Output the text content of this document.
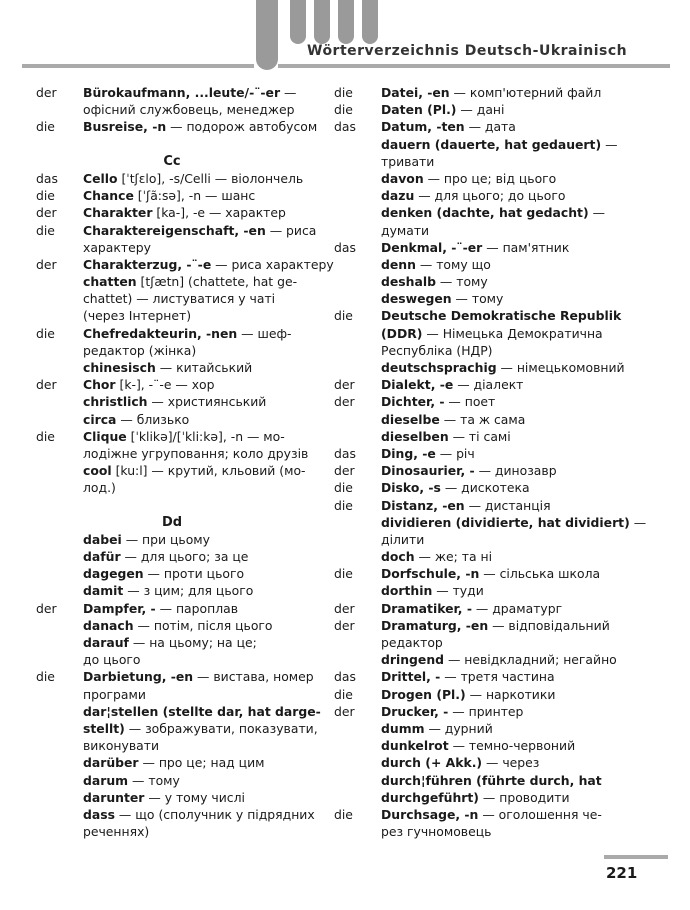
Wörterverzeichnis Deutsch-Ukrainisch
der Bürokaufmann, ...leute/-¨-er —
офісний службовець, менеджер
die Busreise, -n — подорож автобусом
Cc
das Cello [ˈtʃɛlo], -s/Celli — віолончель
die Chance [ˈʃã:sə], -n — шанс
der Charakter [ka-], -e — характер
die Charaktereigenschaft, -en — риса
характеру
der Charakterzug, -¨-e — риса характеру
chatten [tʃætn] (chattete, hat ge-
chattet) — листуватися у чаті
(через Інтернет)
die Chefredakteurin, -nen — шеф-
редактор (жінка)
chinesisch — китайський
der Chor [k-], -¨-e — хор
christlich — християнський
circa — близько
die Clique [ˈklikə]/[ˈkli:kə], -n — мо-
лодіжне угруповання; коло друзів
cool [ku:l] — крутий, кльовий (мо-
лод.)
Dd
dabei — при цьому
dafür — для цього; за це
dagegen — проти цього
damit — з цим; для цього
der Dampfer, - — пароплав
danach — потім, після цього
darauf — на цьому; на це;
до цього
die Darbietung, -en — вистава, номер
програми
dar¦stellen (stellte dar, hat darge-
stellt) — зображувати, показувати,
виконувати
darüber — про це; над цим
darum — тому
darunter — у тому числі
dass — що (сполучник у підрядних
реченнях)
die Datei, -en — комп'ютерний файл
die Daten (Pl.) — дані
das Datum, -ten — дата
dauern (dauerte, hat gedauert) —
тривати
davon — про це; від цього
dazu — для цього; до цього
denken (dachte, hat gedacht) —
думати
das Denkmal, -¨-er — пам'ятник
denn — тому що
deshalb — тому
deswegen — тому
die Deutsche Demokratische Republik
(DDR) — Німецька Демократична
Республіка (НДР)
deutschsprachig — німецькомовний
der Dialekt, -e — діалект
der Dichter, - — поет
dieselbe — та ж сама
dieselben — ті самі
das Ding, -e — річ
der Dinosaurier, - — динозавр
die Disko, -s — дискотека
die Distanz, -en — дистанція
dividieren (dividierte, hat dividiert) —
ділити
doch — же; та ні
die Dorfschule, -n — сільська школа
dorthin — туди
der Dramatiker, - — драматург
der Dramaturg, -en — відповідальний
редактор
dringend — невідкладний; негайно
das Drittel, - — третя частина
die Drogen (Pl.) — наркотики
der Drucker, - — принтер
dumm — дурний
dunkelrot — темно-червоний
durch (+ Akk.) — через
durch¦führen (führte durch, hat
durchgeführt) — проводити
die Durchsage, -n — оголошення че-
рез гучномовець
221
